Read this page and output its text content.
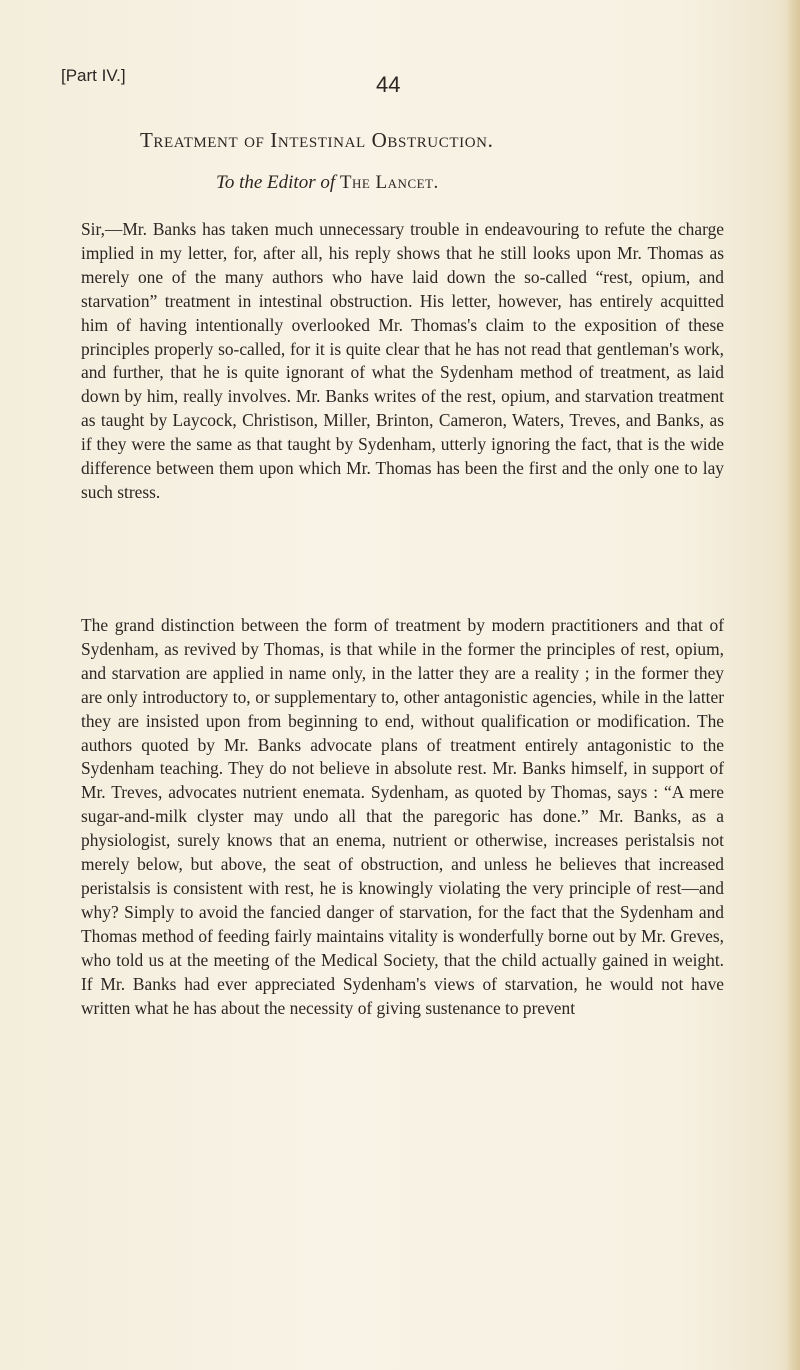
[Part IV.]	44
Treatment of Intestinal Obstruction.
To the Editor of The Lancet.

Sir,—Mr. Banks has taken much unnecessary trouble in endeavouring to refute the charge implied in my letter, for, after all, his reply shows that he still looks upon Mr. Thomas as merely one of the many authors who have laid down the so-called “rest, opium, and starvation” treatment in intestinal obstruction. His letter, however, has entirely acquitted him of having intentionally overlooked Mr. Thomas's claim to the exposition of these principles properly so-called, for it is quite clear that he has not read that gentleman's work, and further, that he is quite ignorant of what the Sydenham method of treatment, as laid down by him, really involves. Mr. Banks writes of the rest, opium, and starvation treatment as taught by Laycock, Christison, Miller, Brinton, Cameron, Waters, Treves, and Banks, as if they were the same as that taught by Sydenham, utterly ignoring the fact, that is the wide difference between them upon which Mr. Thomas has been the first and the only one to lay such stress.

The grand distinction between the form of treatment by modern practitioners and that of Sydenham, as revived by Thomas, is that while in the former the principles of rest, opium, and starvation are applied in name only, in the latter they are a reality ; in the former they are only introductory to, or supplementary to, other antagonistic agencies, while in the latter they are insisted upon from beginning to end, without qualification or modification. The authors quoted by Mr. Banks advocate plans of treatment entirely antagonistic to the Sydenham teaching. They do not believe in absolute rest. Mr. Banks himself, in support of Mr. Treves, advocates nutrient enemata. Sydenham, as quoted by Thomas, says : “A mere sugar-and-milk clyster may undo all that the paregoric has done.” Mr. Banks, as a physiologist, surely knows that an enema, nutrient or otherwise, increases peristalsis not merely below, but above, the seat of obstruction, and unless he believes that increased peristalsis is consistent with rest, he is knowingly violating the very principle of rest—and why? Simply to avoid the fancied danger of starvation, for the fact that the Sydenham and Thomas method of feeding fairly maintains vitality is wonderfully borne out by Mr. Greves, who told us at the meeting of the Medical Society, that the child actually gained in weight. If Mr. Banks had ever appreciated Sydenham's views of starvation, he would not have written what he has about the necessity of giving sustenance to prevent
